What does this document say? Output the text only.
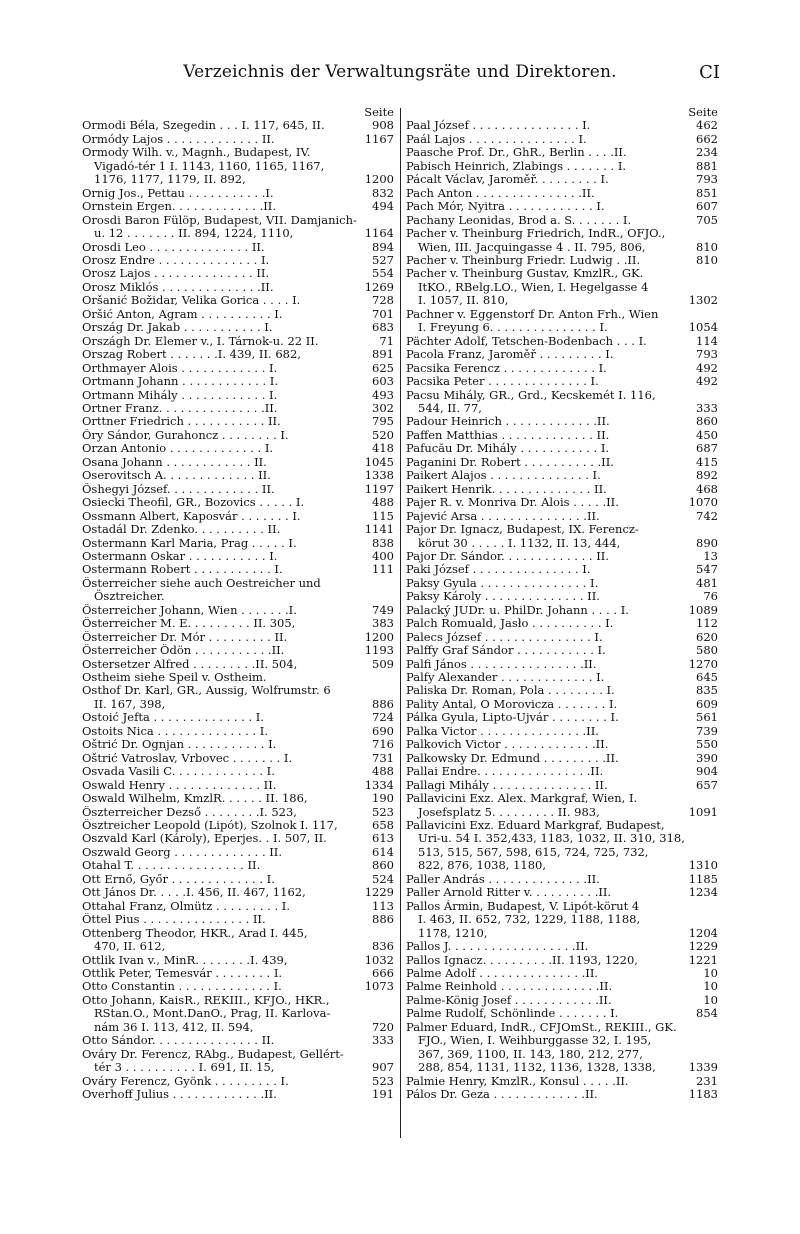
Verzeichnis der Verwaltungsräte und Direktoren.	CI
Seite
Ormodi Béla, Szegedin . . . I. 117, 645, II.	908
Ormódy Lajos . . . . . . . . . . . . . II.	1167
Ormody Wilh. v., Magnh., Budapest, IV.
Vigadó-tér 1 I. 1143, 1160, 1165, 1167,
1176, 1177, 1179, II. 892,	1200
Ornig Jos., Pettau . . . . . . . . . . .I.	832
Ornstein Ergen. . . . . . . . . . . . .II.	494
Orosdi Baron Fülöp, Budapest, VII. Damjanich-
u. 12 . . . . . . . II. 894, 1224, 1110,	1164
Orosdi Leo . . . . . . . . . . . . . . II.	894
Orosz Endre . . . . . . . . . . . . . . I.	527
Orosz Lajos . . . . . . . . . . . . . . II.	554
Orosz Miklós . . . . . . . . . . . . . .II.	1269
Oršanić Božidar, Velika Gorica . . . . I.	728
Oršić Anton, Agram . . . . . . . . . . I.	701
Ország Dr. Jakab . . . . . . . . . . . I.	683
Országh Dr. Elemer v., I. Tárnok-u. 22 II.	71
Orszag Robert . . . . . . .I. 439, II. 682,	891
Orthmayer Alois . . . . . . . . . . . . I.	625
Ortmann Johann . . . . . . . . . . . . I.	603
Ortmann Mihály . . . . . . . . . . . . I.	493
Ortner Franz. . . . . . . . . . . . . . .II.	302
Orttner Friedrich . . . . . . . . . . . II.	795
Őry Sándor, Gurahoncz . . . . . . . . I.	520
Orzan Antonio . . . . . . . . . . . . . I.	418
Osana Johann . . . . . . . . . . . . II.	1045
Oserovitsch A. . . . . . . . . . . . . II.	1338
Őshegyi József. . . . . . . . . . . . . II.	1197
Osiecki Theofil, GR., Bozovics . . . . . I.	488
Ossmann Albert, Kaposvár . . . . . . . I.	115
Ostadál Dr. Zdenko. . . . . . . . . . II.	1141
Ostermann Karl Maria, Prag . . . . . I.	838
Ostermann Oskar . . . . . . . . . . . I.	400
Ostermann Robert . . . . . . . . . . . I.	111
Österreicher siehe auch Oestreicher und
Ösztreicher.
Österreicher Johann, Wien . . . . . . .I.	749
Österreicher M. E. . . . . . . . . II. 305,	383
Österreicher Dr. Mór . . . . . . . . . II.	1200
Österreicher Ödön . . . . . . . . . . .II.	1193
Ostersetzer Alfred . . . . . . . . .II. 504,	509
Ostheim siehe Speil v. Ostheim.
Osthof Dr. Karl, GR., Aussig, Wolfrumstr. 6
II. 167, 398,	886
Ostoić Jefta . . . . . . . . . . . . . . I.	724
Ostoits Nica . . . . . . . . . . . . . . I.	690
Oštrić Dr. Ognjan . . . . . . . . . . . I.	716
Oštrić Vatroslav, Vrbovec . . . . . . . I.	731
Osvada Vasili C. . . . . . . . . . . . . I.	488
Oswald Henry . . . . . . . . . . . . . II.	1334
Oswald Wilhelm, KmzlR. . . . . . II. 186,	190
Öszterreicher Dezső . . . . . . . .I. 523,	523
Ösztreicher Leopold (Lipót), Szolnok I. 117,	658
Oszvald Karl (Károly), Eperjes. . I. 507, II.	613
Oszwald Georg . . . . . . . . . . . . . II.	614
Otahal T. . . . . . . . . . . . . . . . II.	860
Ott Ernő, Győr . . . . . . . . . . . . . I.	524
Ott János Dr. . . . .I. 456, II. 467, 1162,	1229
Ottahal Franz, Olmütz . . . . . . . . . I.	113
Öttel Pius . . . . . . . . . . . . . . . II.	886
Ottenberg Theodor, HKR., Arad I. 445,
470, II. 612,	836
Ottlik Ivan v., MinR. . . . . . . .I. 439,	1032
Ottlik Peter, Temesvár . . . . . . . . I.	666
Otto Constantin . . . . . . . . . . . . . I.	1073
Otto Johann, KaisR., REKIII., KFJO., HKR.,
RStan.O., Mont.DanO., Prag, II. Karlova-
nám 36 I. 113, 412, II. 594,	720
Otto Sándor. . . . . . . . . . . . . . . II.	333
Ováry Dr. Ferencz, RAbg., Budapest, Gellért-
tér 3 . . . . . . . . . . I. 691, II. 15,	907
Ováry Ferencz, Gyönk . . . . . . . . . I.	523
Overhoff Julius . . . . . . . . . . . . .II.	191
Seite
Paal József . . . . . . . . . . . . . . . I.	462
Paál Lajos . . . . . . . . . . . . . . . I.	662
Paasche Prof. Dr., GhR., Berlin . . . .II.	234
Pabisch Heinrich, Zlabings . . . . . . . I.	881
Pácalt Václav, Jaroměř. . . . . . . . . I.	793
Pach Anton . . . . . . . . . . . . . . .II.	851
Pach Mór, Nyitra . . . . . . . . . . . . I.	607
Pachany Leonidas, Brod a. S. . . . . . . I.	705
Pacher v. Theinburg Friedrich, IndR., OFJO.,
Wien, III. Jacquingasse 4 . II. 795, 806,	810
Pacher v. Theinburg Friedr. Ludwig . .II.	810
Pacher v. Theinburg Gustav, KmzlR., GK.
ItKO., RBelg.LO., Wien, I. Hegelgasse 4
I. 1057, II. 810,	1302
Pachner v. Eggenstorf Dr. Anton Frh., Wien
I. Freyung 6. . . . . . . . . . . . . . . I.	1054
Pächter Adolf, Tetschen-Bodenbach . . . I.	114
Pacola Franz, Jaroměř . . . . . . . . . I.	793
Pacsika Ferencz . . . . . . . . . . . . . I.	492
Pacsika Peter . . . . . . . . . . . . . . I.	492
Pacsu Mihály, GR., Grd., Kecskemét I. 116,
544, II. 77,	333
Padour Heinrich . . . . . . . . . . . . .II.	860
Paffen Matthias . . . . . . . . . . . . . II.	450
Pafucău Dr. Mihály . . . . . . . . . . . I.	687
Paganini Dr. Robert . . . . . . . . . . .II.	415
Paikert Alajos . . . . . . . . . . . . . . I.	892
Paikert Henrik. . . . . . . . . . . . . . II.	468
Pajer R. v. Monriva Dr. Alois . . . . .II.	1070
Pajević Arsa . . . . . . . . . . . . . . .II.	742
Pajor Dr. Ignacz, Budapest, IX. Ferencz-
körut 30 . . . . . I. 1132, II. 13, 444,	890
Pajor Dr. Sándor. . . . . . . . . . . . . II.	13
Paki József . . . . . . . . . . . . . . . I.	547
Paksy Gyula . . . . . . . . . . . . . . . I.	481
Paksy Károly . . . . . . . . . . . . . . II.	76
Palacký JUDr. u. PhilDr. Johann . . . . I.	1089
Palch Romuald, Jasło . . . . . . . . . . I.	112
Palecs József . . . . . . . . . . . . . . . I.	620
Palffy Graf Sándor . . . . . . . . . . . I.	580
Palfi János . . . . . . . . . . . . . . . .II.	1270
Palfy Alexander . . . . . . . . . . . . . I.	645
Paliska Dr. Roman, Pola . . . . . . . . I.	835
Pality Antal, O Morovicza . . . . . . . I.	609
Pálka Gyula, Lipto-Ujvár . . . . . . . . I.	561
Palka Victor . . . . . . . . . . . . . . .II.	739
Palkovich Victor . . . . . . . . . . . . .II.	550
Palkowsky Dr. Edmund . . . . . . . . .II.	390
Pallai Endre. . . . . . . . . . . . . . . .II.	904
Pallagi Mihály . . . . . . . . . . . . . . II.	657
Pallavicini Exz. Alex. Markgraf, Wien, I.
Josefsplatz 5. . . . . . . . . II. 983,	1091
Pallavicini Exz. Eduard Markgraf, Budapest,
Uri-u. 54 I. 352,433, 1183, 1032, II. 310, 318,
513, 515, 567, 598, 615, 724, 725, 732,
822, 876, 1038, 1180,	1310
Paller András . . . . . . . . . . . . . .II.	1185
Paller Arnold Ritter v. . . . . . . . . .II.	1234
Pallos Ármin, Budapest, V. Lipót-körut 4
I. 463, II. 652, 732, 1229, 1188, 1188,
1178, 1210,	1204
Pallos J. . . . . . . . . . . . . . . . . .II.	1229
Pallos Ignacz. . . . . . . . . .II. 1193, 1220,	1221
Palme Adolf . . . . . . . . . . . . . . .II.	10
Palme Reinhold . . . . . . . . . . . . . .II.	10
Palme-König Josef . . . . . . . . . . . .II.	10
Palme Rudolf, Schönlinde . . . . . . . I.	854
Palmer Eduard, IndR., CFJOmSt., REKIII., GK.
FJO., Wien, I. Weihburggasse 32, I. 195,
367, 369, 1100, II. 143, 180, 212, 277,
288, 854, 1131, 1132, 1136, 1328, 1338,	1339
Palmie Henry, KmzlR., Konsul . . . . .II.	231
Pálos Dr. Geza . . . . . . . . . . . . .II.	1183
